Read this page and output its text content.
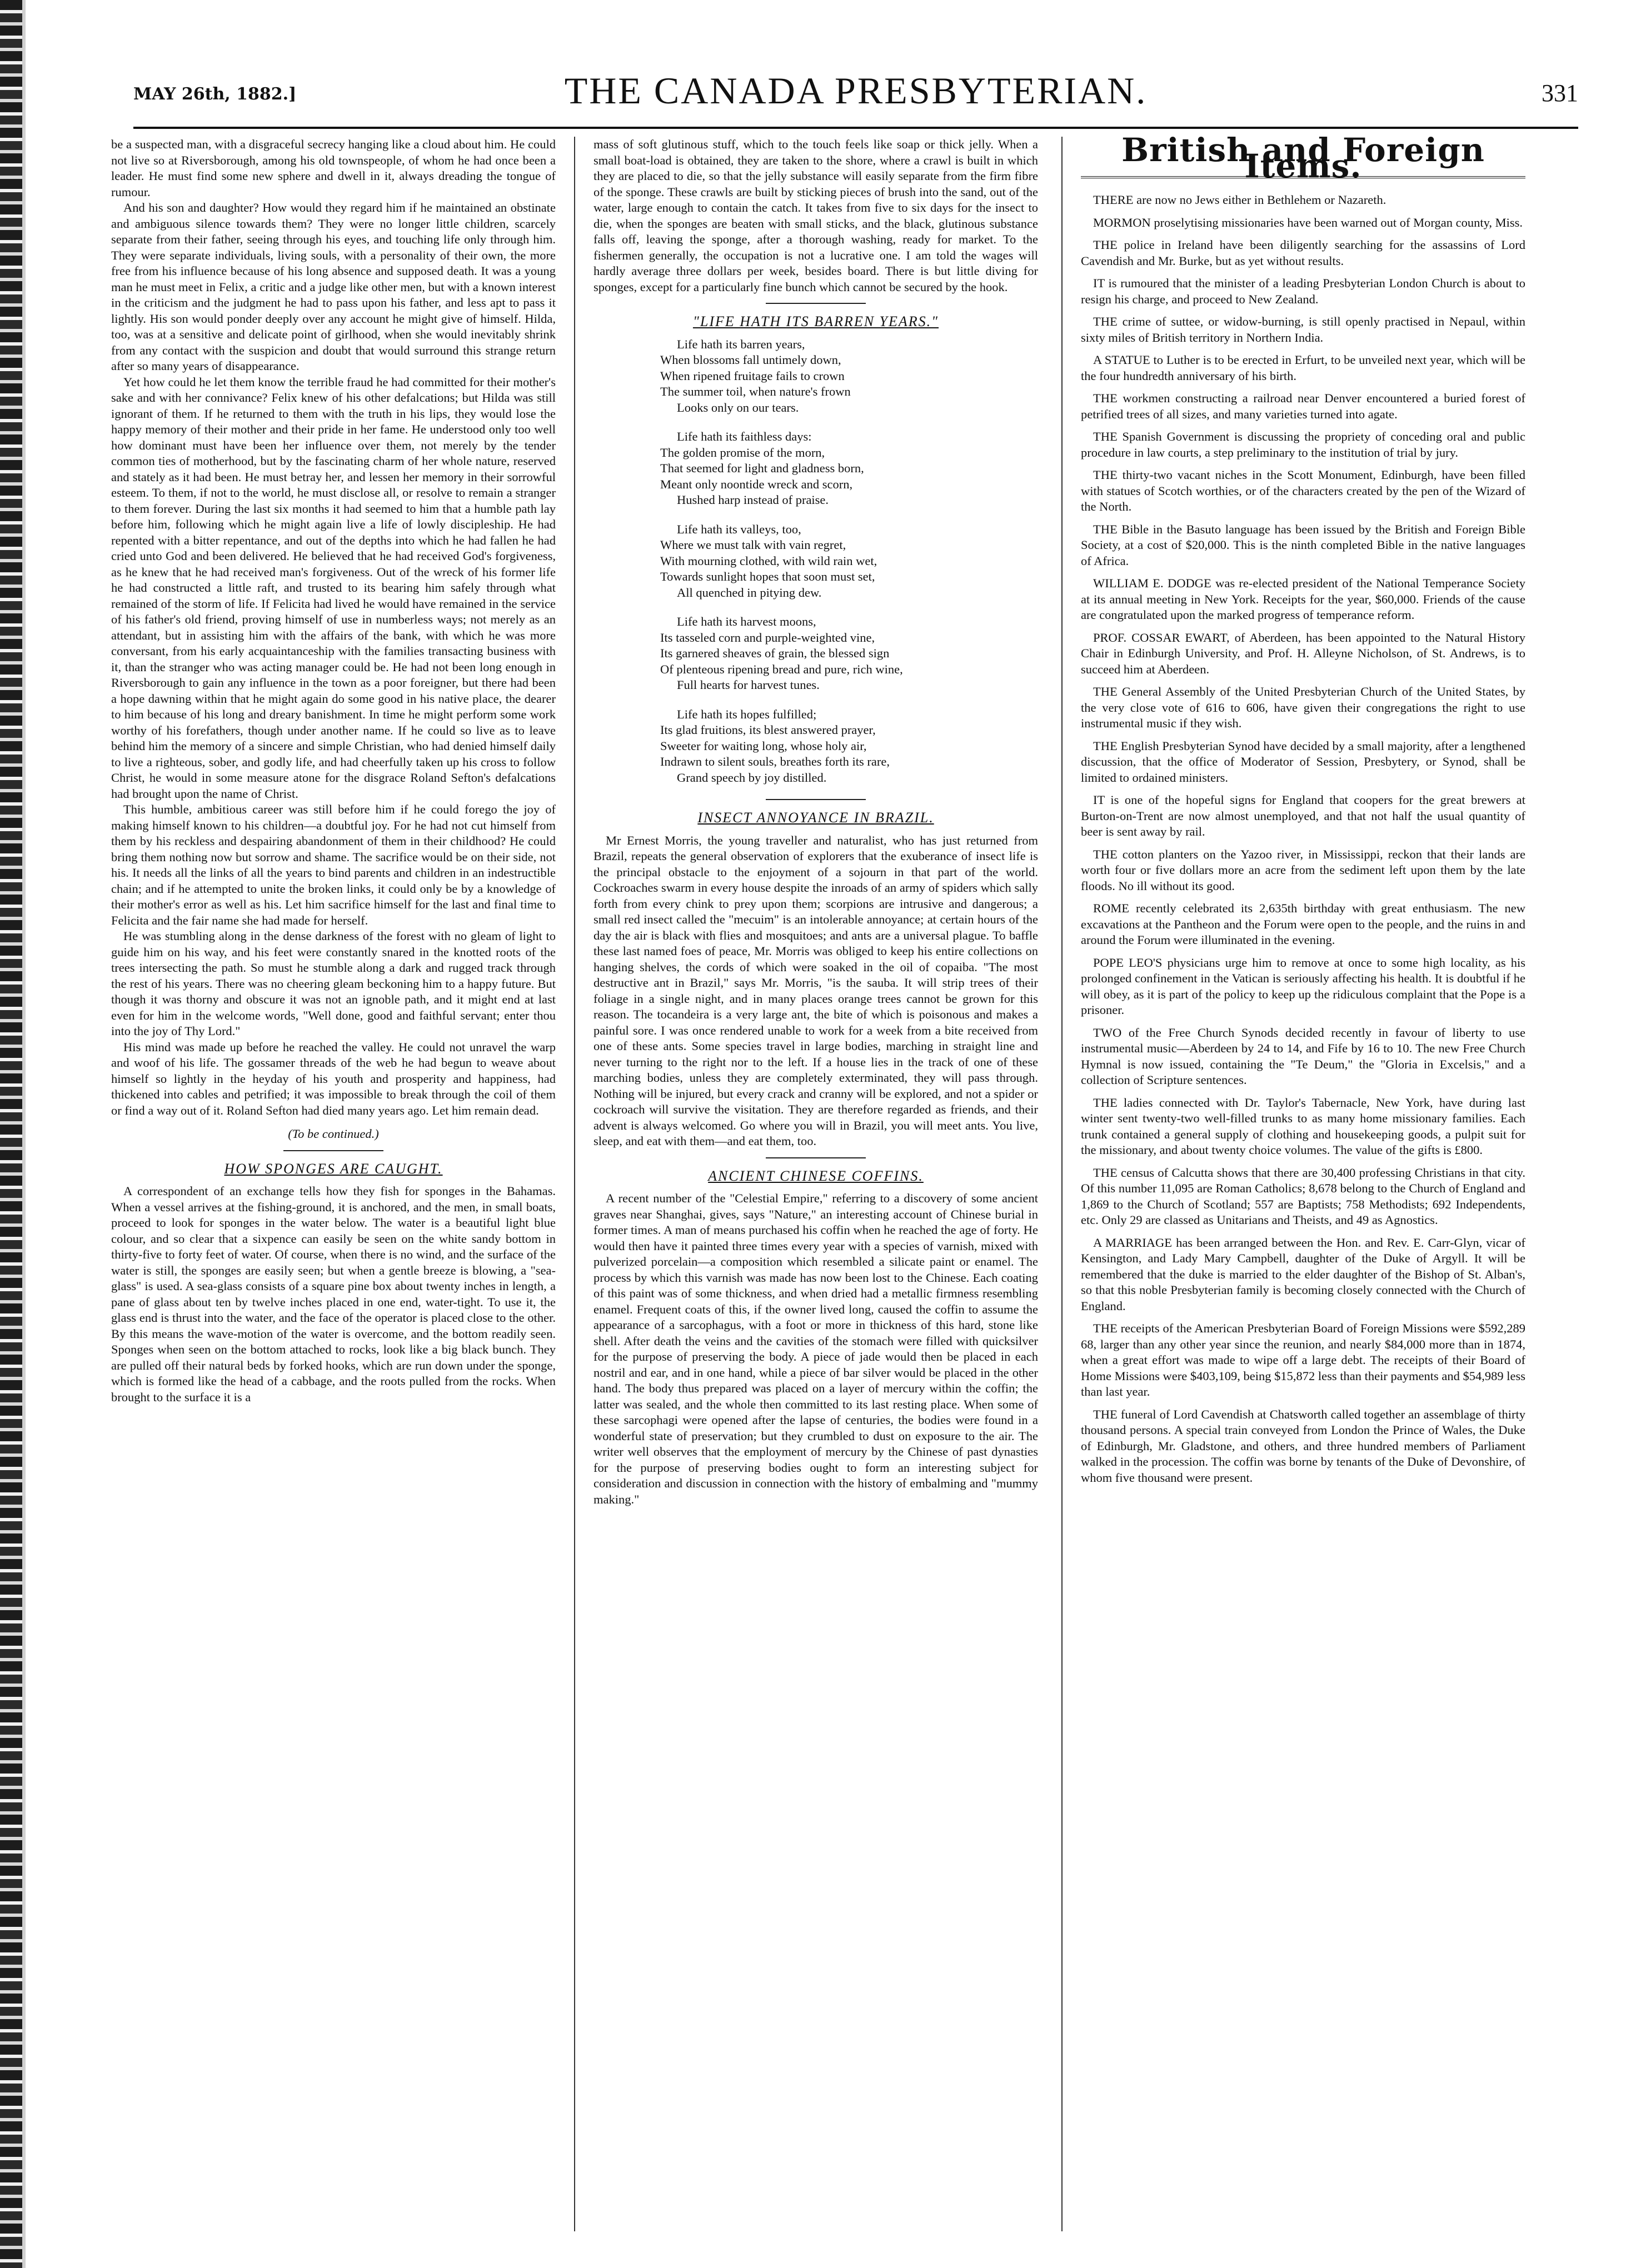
MAY 26th, 1882.]	THE CANADA PRESBYTERIAN.	331

be a suspected man, with a disgraceful secrecy hanging like a cloud about him. He could not live so at Riversborough, among his old townspeople, of whom he had once been a leader. He must find some new sphere and dwell in it, always dreading the tongue of rumour.

And his son and daughter? How would they regard him if he maintained an obstinate and ambiguous silence towards them? They were no longer little children, scarcely separate from their father, seeing through his eyes, and touching life only through him. They were separate individuals, living souls, with a personality of their own, the more free from his influence because of his long absence and supposed death. It was a young man he must meet in Felix, a critic and a judge like other men, but with a known interest in the criticism and the judgment he had to pass upon his father, and less apt to pass it lightly. His son would ponder deeply over any account he might give of himself. Hilda, too, was at a sensitive and delicate point of girlhood, when she would inevitably shrink from any contact with the suspicion and doubt that would surround this strange return after so many years of disappearance.

Yet how could he let them know the terrible fraud he had committed for their mother's sake and with her connivance? Felix knew of his other defalcations; but Hilda was still ignorant of them. If he returned to them with the truth in his lips, they would lose the happy memory of their mother and their pride in her fame. He understood only too well how dominant must have been her influence over them, not merely by the tender common ties of motherhood, but by the fascinating charm of her whole nature, reserved and stately as it had been. He must betray her, and lessen her memory in their sorrowful esteem. To them, if not to the world, he must disclose all, or resolve to remain a stranger to them forever. During the last six months it had seemed to him that a humble path lay before him, following which he might again live a life of lowly discipleship. He had repented with a bitter repentance, and out of the depths into which he had fallen he had cried unto God and been delivered. He believed that he had received God's forgiveness, as he knew that he had received man's forgiveness. Out of the wreck of his former life he had constructed a little raft, and trusted to its bearing him safely through what remained of the storm of life. If Felicita had lived he would have remained in the service of his father's old friend, proving himself of use in numberless ways; not merely as an attendant, but in assisting him with the affairs of the bank, with which he was more conversant, from his early acquaintanceship with the families transacting business with it, than the stranger who was acting manager could be. He had not been long enough in Riversborough to gain any influence in the town as a poor foreigner, but there had been a hope dawning within that he might again do some good in his native place, the dearer to him because of his long and dreary banishment. In time he might perform some work worthy of his forefathers, though under another name. If he could so live as to leave behind him the memory of a sincere and simple Christian, who had denied himself daily to live a righteous, sober, and godly life, and had cheerfully taken up his cross to follow Christ, he would in some measure atone for the disgrace Roland Sefton's defalcations had brought upon the name of Christ.

This humble, ambitious career was still before him if he could forego the joy of making himself known to his children—a doubtful joy. For he had not cut himself from them by his reckless and despairing abandonment of them in their childhood? He could bring them nothing now but sorrow and shame. The sacrifice would be on their side, not his. It needs all the links of all the years to bind parents and children in an indestructible chain; and if he attempted to unite the broken links, it could only be by a knowledge of their mother's error as well as his. Let him sacrifice himself for the last and final time to Felicita and the fair name she had made for herself.

He was stumbling along in the dense darkness of the forest with no gleam of light to guide him on his way, and his feet were constantly snared in the knotted roots of the trees intersecting the path. So must he stumble along a dark and rugged track through the rest of his years. There was no cheering gleam beckoning him to a happy future. But though it was thorny and obscure it was not an ignoble path, and it might end at last even for him in the welcome words, "Well done, good and faithful servant; enter thou into the joy of Thy Lord."

His mind was made up before he reached the valley. He could not unravel the warp and woof of his life. The gossamer threads of the web he had begun to weave about himself so lightly in the heyday of his youth and prosperity and happiness, had thickened into cables and petrified; it was impossible to break through the coil of them or find a way out of it. Roland Sefton had died many years ago. Let him remain dead.

(To be continued.)
HOW SPONGES ARE CAUGHT.

A correspondent of an exchange tells how they fish for sponges in the Bahamas. When a vessel arrives at the fishing-ground, it is anchored, and the men, in small boats, proceed to look for sponges in the water below. The water is a beautiful light blue colour, and so clear that a sixpence can easily be seen on the white sandy bottom in thirty-five to forty feet of water. Of course, when there is no wind, and the surface of the water is still, the sponges are easily seen; but when a gentle breeze is blowing, a "sea-glass" is used. A sea-glass consists of a square pine box about twenty inches in length, a pane of glass about ten by twelve inches placed in one end, water-tight. To use it, the glass end is thrust into the water, and the face of the operator is placed close to the other. By this means the wave-motion of the water is overcome, and the bottom readily seen. Sponges when seen on the bottom attached to rocks, look like a big black bunch. They are pulled off their natural beds by forked hooks, which are run down under the sponge, which is formed like the head of a cabbage, and the roots pulled from the rocks. When brought to the surface it is a

mass of soft glutinous stuff, which to the touch feels like soap or thick jelly. When a small boat-load is obtained, they are taken to the shore, where a crawl is built in which they are placed to die, so that the jelly substance will easily separate from the firm fibre of the sponge. These crawls are built by sticking pieces of brush into the sand, out of the water, large enough to contain the catch. It takes from five to six days for the insect to die, when the sponges are beaten with small sticks, and the black, glutinous substance falls off, leaving the sponge, after a thorough washing, ready for market. To the fishermen generally, the occupation is not a lucrative one. I am told the wages will hardly average three dollars per week, besides board. There is but little diving for sponges, except for a particularly fine bunch which cannot be secured by the hook.

"LIFE HATH ITS BARREN YEARS."
Life hath its barren years,
When blossoms fall untimely down,
When ripened fruitage fails to crown
The summer toil, when nature's frown
Looks only on our tears.
Life hath its faithless days:
The golden promise of the morn,
That seemed for light and gladness born,
Meant only noontide wreck and scorn,
Hushed harp instead of praise.
Life hath its valleys, too,
Where we must talk with vain regret,
With mourning clothed, with wild rain wet,
Towards sunlight hopes that soon must set,
All quenched in pitying dew.
Life hath its harvest moons,
Its tasseled corn and purple-weighted vine,
Its garnered sheaves of grain, the blessed sign
Of plenteous ripening bread and pure, rich wine,
Full hearts for harvest tunes.
Life hath its hopes fulfilled;
Its glad fruitions, its blest answered prayer,
Sweeter for waiting long, whose holy air,
Indrawn to silent souls, breathes forth its rare,
Grand speech by joy distilled.
INSECT ANNOYANCE IN BRAZIL.

Mr Ernest Morris, the young traveller and naturalist, who has just returned from Brazil, repeats the general observation of explorers that the exuberance of insect life is the principal obstacle to the enjoyment of a sojourn in that part of the world. Cockroaches swarm in every house despite the inroads of an army of spiders which sally forth from every chink to prey upon them; scorpions are intrusive and dangerous; a small red insect called the "mecuim" is an intolerable annoyance; at certain hours of the day the air is black with flies and mosquitoes; and ants are a universal plague. To baffle these last named foes of peace, Mr. Morris was obliged to keep his entire collections on hanging shelves, the cords of which were soaked in the oil of copaiba. "The most destructive ant in Brazil," says Mr. Morris, "is the sauba. It will strip trees of their foliage in a single night, and in many places orange trees cannot be grown for this reason. The tocandeira is a very large ant, the bite of which is poisonous and makes a painful sore. I was once rendered unable to work for a week from a bite received from one of these ants. Some species travel in large bodies, marching in straight line and never turning to the right nor to the left. If a house lies in the track of one of these marching bodies, unless they are completely exterminated, they will pass through. Nothing will be injured, but every crack and cranny will be explored, and not a spider or cockroach will survive the visitation. They are therefore regarded as friends, and their advent is always welcomed. Go where you will in Brazil, you will meet ants. You live, sleep, and eat with them—and eat them, too.

ANCIENT CHINESE COFFINS.

A recent number of the "Celestial Empire," referring to a discovery of some ancient graves near Shanghai, gives, says "Nature," an interesting account of Chinese burial in former times. A man of means purchased his coffin when he reached the age of forty. He would then have it painted three times every year with a species of varnish, mixed with pulverized porcelain—a composition which resembled a silicate paint or enamel. The process by which this varnish was made has now been lost to the Chinese. Each coating of this paint was of some thickness, and when dried had a metallic firmness resembling enamel. Frequent coats of this, if the owner lived long, caused the coffin to assume the appearance of a sarcophagus, with a foot or more in thickness of this hard, stone like shell. After death the veins and the cavities of the stomach were filled with quicksilver for the purpose of preserving the body. A piece of jade would then be placed in each nostril and ear, and in one hand, while a piece of bar silver would be placed in the other hand. The body thus prepared was placed on a layer of mercury within the coffin; the latter was sealed, and the whole then committed to its last resting place. When some of these sarcophagi were opened after the lapse of centuries, the bodies were found in a wonderful state of preservation; but they crumbled to dust on exposure to the air. The writer well observes that the employment of mercury by the Chinese of past dynasties for the purpose of preserving bodies ought to form an interesting subject for consideration and discussion in connection with the history of embalming and "mummy making."

British and Foreign Items.

THERE are now no Jews either in Bethlehem or Nazareth.

MORMON proselytising missionaries have been warned out of Morgan county, Miss.

THE police in Ireland have been diligently searching for the assassins of Lord Cavendish and Mr. Burke, but as yet without results.

IT is rumoured that the minister of a leading Presbyterian London Church is about to resign his charge, and proceed to New Zealand.

THE crime of suttee, or widow-burning, is still openly practised in Nepaul, within sixty miles of British territory in Northern India.

A STATUE to Luther is to be erected in Erfurt, to be unveiled next year, which will be the four hundredth anniversary of his birth.

THE workmen constructing a railroad near Denver encountered a buried forest of petrified trees of all sizes, and many varieties turned into agate.

THE Spanish Government is discussing the propriety of conceding oral and public procedure in law courts, a step preliminary to the institution of trial by jury.

THE thirty-two vacant niches in the Scott Monument, Edinburgh, have been filled with statues of Scotch worthies, or of the characters created by the pen of the Wizard of the North.

THE Bible in the Basuto language has been issued by the British and Foreign Bible Society, at a cost of $20,000. This is the ninth completed Bible in the native languages of Africa.

WILLIAM E. DODGE was re-elected president of the National Temperance Society at its annual meeting in New York. Receipts for the year, $60,000. Friends of the cause are congratulated upon the marked progress of temperance reform.

PROF. COSSAR EWART, of Aberdeen, has been appointed to the Natural History Chair in Edinburgh University, and Prof. H. Alleyne Nicholson, of St. Andrews, is to succeed him at Aberdeen.

THE General Assembly of the United Presbyterian Church of the United States, by the very close vote of 616 to 606, have given their congregations the right to use instrumental music if they wish.

THE English Presbyterian Synod have decided by a small majority, after a lengthened discussion, that the office of Moderator of Session, Presbytery, or Synod, shall be limited to ordained ministers.

IT is one of the hopeful signs for England that coopers for the great brewers at Burton-on-Trent are now almost unemployed, and that not half the usual quantity of beer is sent away by rail.

THE cotton planters on the Yazoo river, in Mississippi, reckon that their lands are worth four or five dollars more an acre from the sediment left upon them by the late floods. No ill without its good.

ROME recently celebrated its 2,635th birthday with great enthusiasm. The new excavations at the Pantheon and the Forum were open to the people, and the ruins in and around the Forum were illuminated in the evening.

POPE LEO'S physicians urge him to remove at once to some high locality, as his prolonged confinement in the Vatican is seriously affecting his health. It is doubtful if he will obey, as it is part of the policy to keep up the ridiculous complaint that the Pope is a prisoner.

TWO of the Free Church Synods decided recently in favour of liberty to use instrumental music—Aberdeen by 24 to 14, and Fife by 16 to 10. The new Free Church Hymnal is now issued, containing the "Te Deum," the "Gloria in Excelsis," and a collection of Scripture sentences.

THE ladies connected with Dr. Taylor's Tabernacle, New York, have during last winter sent twenty-two well-filled trunks to as many home missionary families. Each trunk contained a general supply of clothing and housekeeping goods, a pulpit suit for the missionary, and about twenty choice volumes. The value of the gifts is £800.

THE census of Calcutta shows that there are 30,400 professing Christians in that city. Of this number 11,095 are Roman Catholics; 8,678 belong to the Church of England and 1,869 to the Church of Scotland; 557 are Baptists; 758 Methodists; 692 Independents, etc. Only 29 are classed as Unitarians and Theists, and 49 as Agnostics.

A MARRIAGE has been arranged between the Hon. and Rev. E. Carr-Glyn, vicar of Kensington, and Lady Mary Campbell, daughter of the Duke of Argyll. It will be remembered that the duke is married to the elder daughter of the Bishop of St. Alban's, so that this noble Presbyterian family is becoming closely connected with the Church of England.

THE receipts of the American Presbyterian Board of Foreign Missions were $592,289 68, larger than any other year since the reunion, and nearly $84,000 more than in 1874, when a great effort was made to wipe off a large debt. The receipts of their Board of Home Missions were $403,109, being $15,872 less than their payments and $54,989 less than last year.

THE funeral of Lord Cavendish at Chatsworth called together an assemblage of thirty thousand persons. A special train conveyed from London the Prince of Wales, the Duke of Edinburgh, Mr. Gladstone, and others, and three hundred members of Parliament walked in the procession. The coffin was borne by tenants of the Duke of Devonshire, of whom five thousand were present.
